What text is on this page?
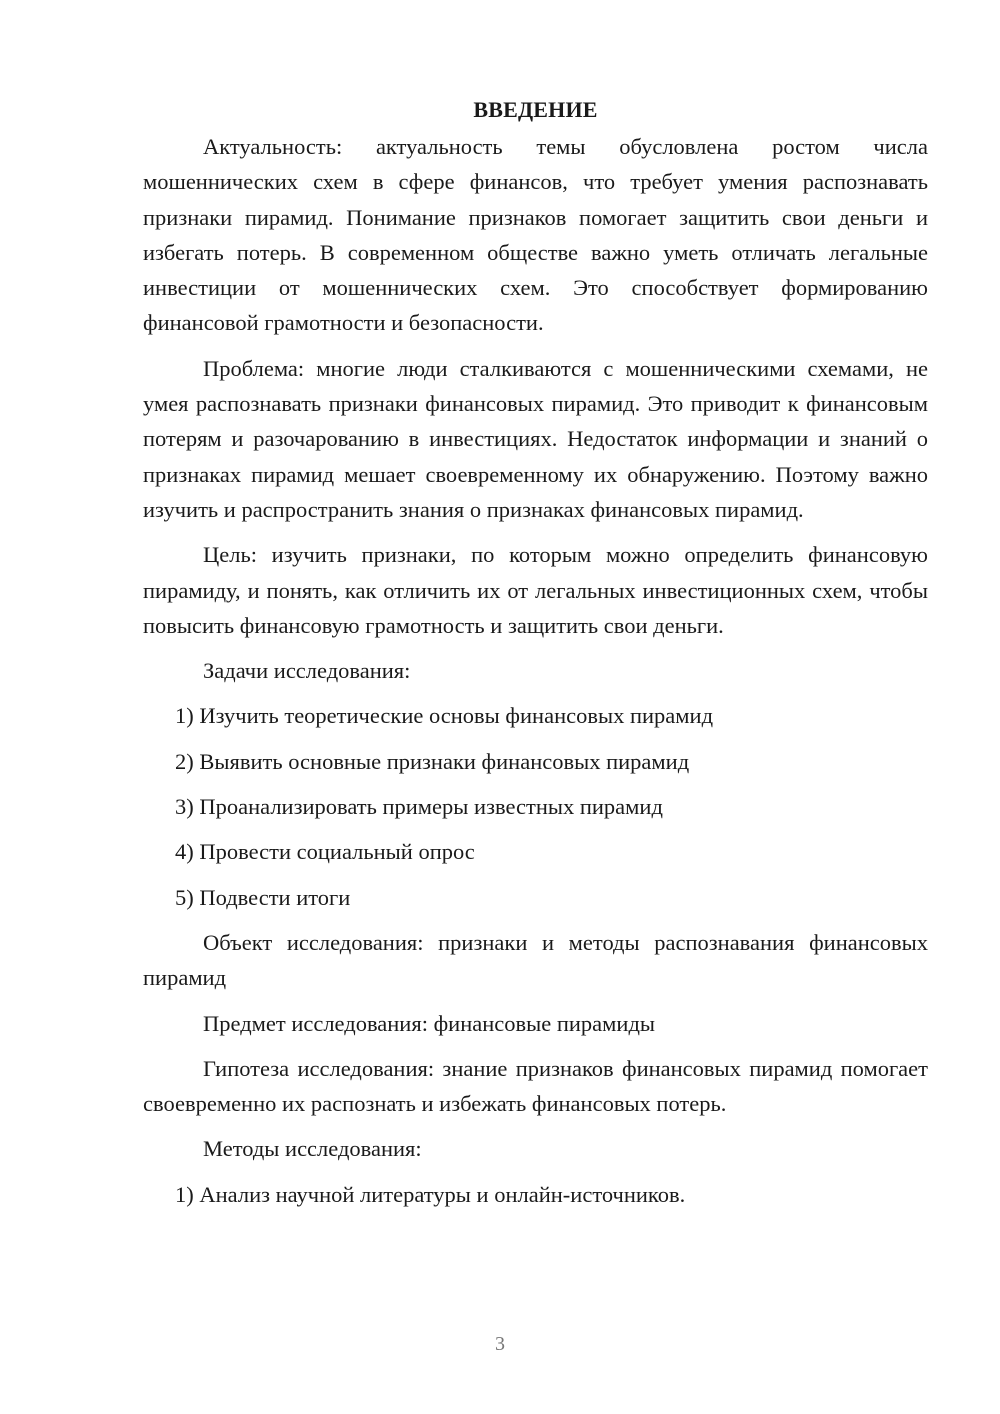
ВВЕДЕНИЕ

Актуальность: актуальность темы обусловлена ростом числа мошеннических схем в сфере финансов, что требует умения распознавать признаки пирамид. Понимание признаков помогает защитить свои деньги и избегать потерь. В современном обществе важно уметь отличать легальные инвестиции от мошеннических схем. Это способствует формированию финансовой грамотности и безопасности.

Проблема: многие люди сталкиваются с мошенническими схемами, не умея распознавать признаки финансовых пирамид. Это приводит к финансовым потерям и разочарованию в инвестициях. Недостаток информации и знаний о признаках пирамид мешает своевременному их обнаружению. Поэтому важно изучить и распространить знания о признаках финансовых пирамид.

Цель: изучить признаки, по которым можно определить финансовую пирамиду, и понять, как отличить их от легальных инвестиционных схем, чтобы повысить финансовую грамотность и защитить свои деньги.

Задачи исследования:
1) Изучить теоретические основы финансовых пирамид
2) Выявить основные признаки финансовых пирамид
3) Проанализировать примеры известных пирамид
4) Провести социальный опрос
5) Подвести итоги

Объект исследования: признаки и методы распознавания финансовых пирамид

Предмет исследования: финансовые пирамиды

Гипотеза исследования: знание признаков финансовых пирамид помогает своевременно их распознать и избежать финансовых потерь.

Методы исследования:
1) Анализ научной литературы и онлайн-источников.
3
